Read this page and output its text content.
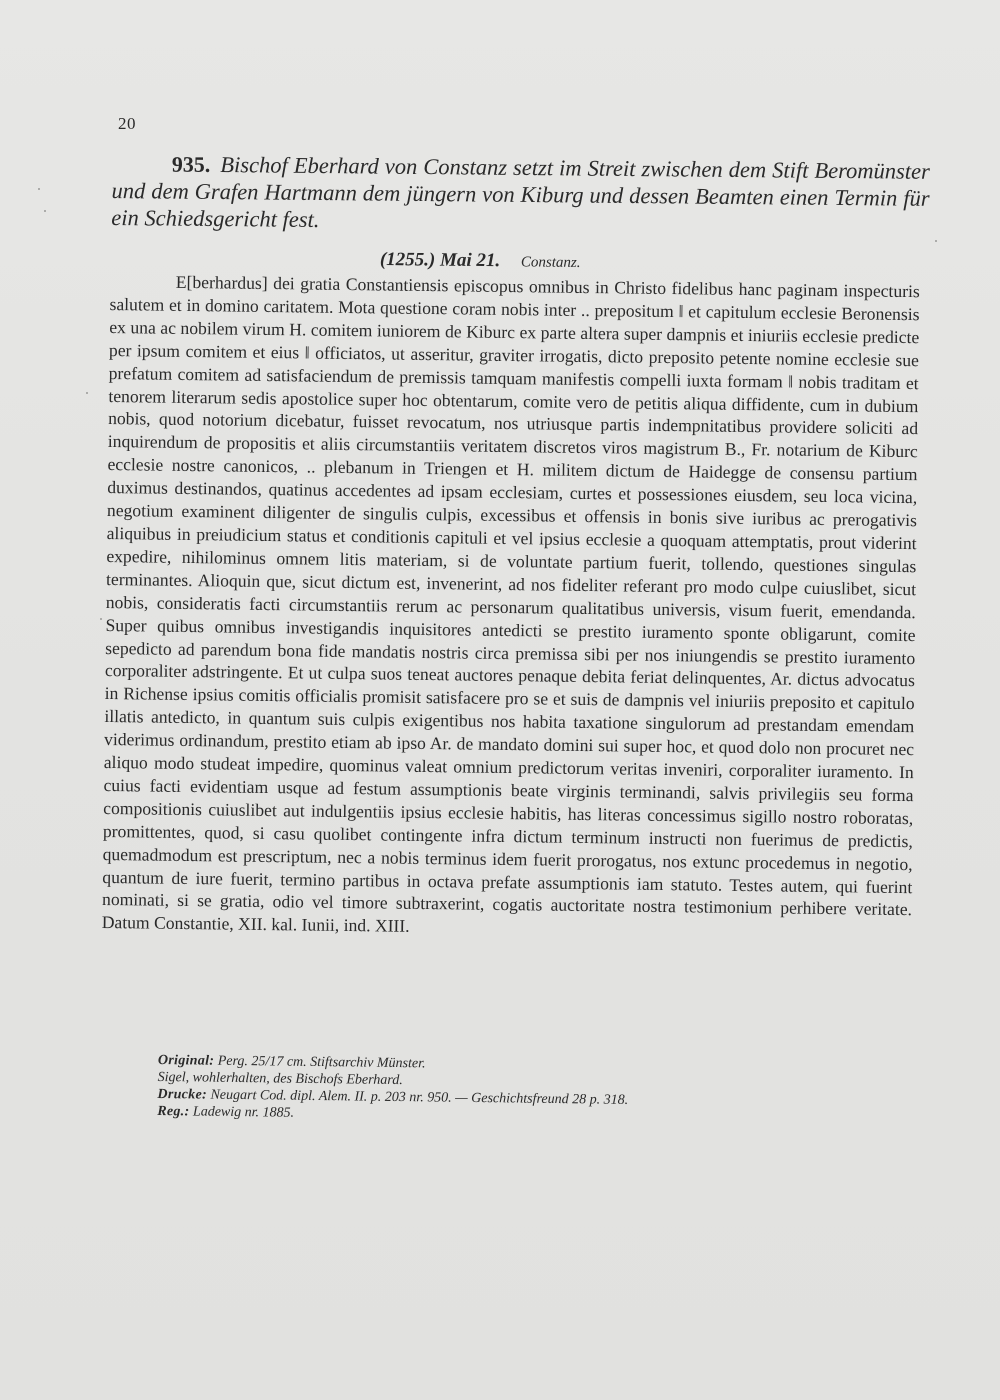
20
935. Bischof Eberhard von Constanz setzt im Streit zwischen dem Stift Beromünster und dem Grafen Hartmann dem jüngern von Kiburg und dessen Beamten einen Termin für ein Schiedsgericht fest.
(1255.) Mai 21. Constanz.

E[berhardus] dei gratia Constantiensis episcopus omnibus in Christo fidelibus hanc paginam inspecturis salutem et in domino caritatem. Mota questione coram nobis inter .. prepositum ‖ et capitulum ecclesie Beronensis ex una ac nobilem virum H. comitem iuniorem de Kiburc ex parte altera super dampnis et iniuriis ecclesie predicte per ipsum comitem et eius ‖ officiatos, ut asseritur, graviter irrogatis, dicto preposito petente nomine ecclesie sue prefatum comitem ad satisfaciendum de premissis tamquam manifestis compelli iuxta formam ‖ nobis traditam et tenorem literarum sedis apostolice super hoc obtentarum, comite vero de petitis aliqua diffidente, cum in dubium nobis, quod notorium dicebatur, fuisset revocatum, nos utriusque partis indempnitatibus providere soliciti ad inquirendum de propositis et aliis circumstantiis veritatem discretos viros magistrum B., Fr. notarium de Kiburc ecclesie nostre canonicos, .. plebanum in Triengen et H. militem dictum de Haidegge de consensu partium duximus destinandos, quatinus accedentes ad ipsam ecclesiam, curtes et possessiones eiusdem, seu loca vicina, negotium examinent diligenter de singulis culpis, excessibus et offensis in bonis sive iuribus ac prerogativis aliquibus in preiudicium status et conditionis capituli et vel ipsius ecclesie a quoquam attemptatis, prout viderint expedire, nihilominus omnem litis materiam, si de voluntate partium fuerit, tollendo, questiones singulas terminantes. Alioquin que, sicut dictum est, invenerint, ad nos fideliter referant pro modo culpe cuiuslibet, sicut nobis, consideratis facti circumstantiis rerum ac personarum qualitatibus universis, visum fuerit, emendanda. Super quibus omnibus investigandis inquisitores antedicti se prestito iuramento sponte obligarunt, comite sepedicto ad parendum bona fide mandatis nostris circa premissa sibi per nos iniungendis se prestito iuramento corporaliter adstringente. Et ut culpa suos teneat auctores penaque debita feriat delinquentes, Ar. dictus advocatus in Richense ipsius comitis officialis promisit satisfacere pro se et suis de dampnis vel iniuriis preposito et capitulo illatis antedicto, in quantum suis culpis exigentibus nos habita taxatione singulorum ad prestandam emendam viderimus ordinandum, prestito etiam ab ipso Ar. de mandato domini sui super hoc, et quod dolo non procuret nec aliquo modo studeat impedire, quominus valeat omnium predictorum veritas inveniri, corporaliter iuramento. In cuius facti evidentiam usque ad festum assumptionis beate virginis terminandi, salvis privilegiis seu forma compositionis cuiuslibet aut indulgentiis ipsius ecclesie habitis, has literas concessimus sigillo nostro roboratas, promittentes, quod, si casu quolibet contingente infra dictum terminum instructi non fuerimus de predictis, quemadmodum est prescriptum, nec a nobis terminus idem fuerit prorogatus, nos extunc procedemus in negotio, quantum de iure fuerit, termino partibus in octava prefate assumptionis iam statuto. Testes autem, qui fuerint nominati, si se gratia, odio vel timore subtraxerint, cogatis auctoritate nostra testimonium perhibere veritate. Datum Constantie, XII. kal. Iunii, ind. XIII.

Original: Perg. 25/17 cm. Stiftsarchiv Münster.
Sigel, wohlerhalten, des Bischofs Eberhard.
Drucke: Neugart Cod. dipl. Alem. II. p. 203 nr. 950. — Geschichtsfreund 28 p. 318.
Reg.: Ladewig nr. 1885.
